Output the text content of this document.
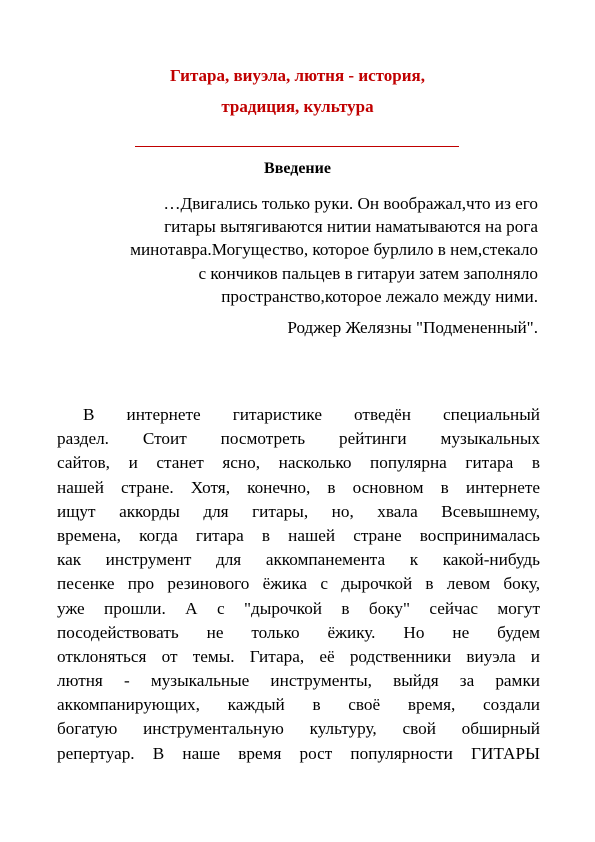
Гитара, виуэла, лютня - история,
традиция, культура
Введение
…Двигались только руки. Он воображал,что из его
гитары вытягиваются нитии наматываются на рога
минотавра.Могущество, которое бурлило в нем,стекало
с кончиков пальцев в гитаруи затем заполняло
пространство,которое лежало между ними.
Роджер Желязны "Подмененный".
В интернете гитаристике отведён специальный
раздел. Стоит посмотреть рейтинги музыкальных
сайтов, и станет ясно, насколько популярна гитара в
нашей стране. Хотя, конечно, в основном в интернете
ищут аккорды для гитары, но, хвала Всевышнему,
времена, когда гитара в нашей стране воспринималась
как инструмент для аккомпанемента к какой-нибудь
песенке про резинового ёжика с дырочкой в левом боку,
уже прошли. А с "дырочкой в боку" сейчас могут
посодействовать не только ёжику. Но не будем
отклоняться от темы. Гитара, её родственники виуэла и
лютня - музыкальные инструменты, выйдя за рамки
аккомпанирующих, каждый в своё время, создали
богатую инструментальную культуру, свой обширный
репертуар. В наше время рост популярности ГИТАРЫ
